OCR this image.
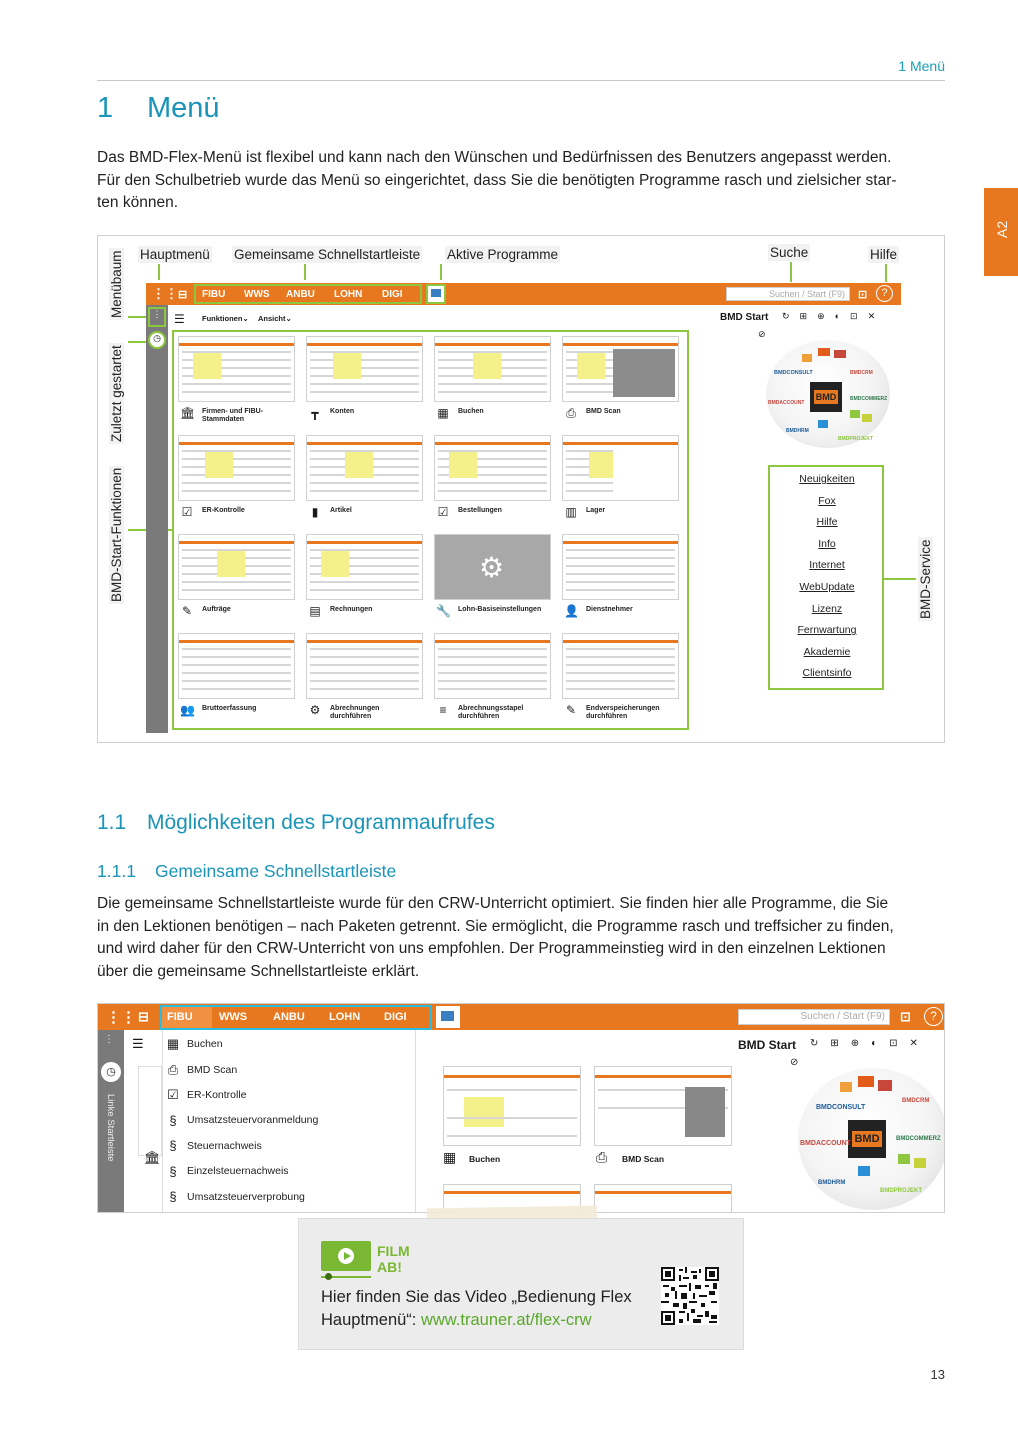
1 Menü
A2
1 Menü
Das BMD-Flex-Menü ist flexibel und kann nach den Wünschen und Bedürfnissen des Benutzers angepasst werden.
Für den Schulbetrieb wurde das Menü so eingerichtet, dass Sie die benötigten Programme rasch und zielsicher star-
ten können.
Hauptmenü Gemeinsame Schnellstartleiste Aktive Programme	Suche	Hilfe
Menübaum
Zuletzt gestartet
BMD-Start-Funktionen	BMD-Service
⋮⋮ ⊟ FIBU WWS ANBU LOHN DIGI	Suchen / Start (F9)	⊡	?
⋮
◷
☰ Funktionen⌄ Ansicht⌄
🏛 Firmen- und FIBU-Stammdaten	┳	Konten	▦ Buchen	⎙	BMD Scan
☑ ER-Kontrolle	▮	Artikel	☑ Bestellungen	▥ Lager
✎ Aufträge	▤ Rechnungen
⚙
🔧 Lohn-Basiseinstellungen	👤 Dienstnehmer
👥 Bruttoerfassung	⚙ Abrechnungen durchführen	≡	Abrechnungsstapel durchführen	✎ Endverspeicherungen durchführen
BMD Start ↻⊞⊕◐⊡✕
⊘
BMDCONSULT	BMDCRM
BMD
BMDACCOUNT
BMDCOMMERZ
BMDHRM
BMDPROJEKT
Neuigkeiten
Fox
Hilfe
Info
Internet
WebUpdate
Lizenz
Fernwartung
Akademie
Clientsinfo
1.1 Möglichkeiten des Programmaufrufes
1.1.1 Gemeinsame Schnellstartleiste
Die gemeinsame Schnellstartleiste wurde für den CRW-Unterricht optimiert. Sie finden hier alle Programme, die Sie
in den Lektionen benötigen – nach Paketen getrennt. Sie ermöglicht, die Programme rasch und treffsicher zu finden,
und wird daher für den CRW-Unterricht von uns empfohlen. Der Programmeinstieg wird in den einzelnen Lektionen
über die gemeinsame Schnellstartleiste erklärt.
⋮⋮ ⊟ FIBU WWS ANBU LOHN DIGI	Suchen / Start (F9)	⊡	?
⋮
◷
Linke Startleiste
☰
🏛
▦ Buchen
⎙ BMD Scan
☑ ER-Kontrolle
§ Umsatzsteuervoranmeldung
§ Steuernachweis
§ Einzelsteuernachweis
§ Umsatzsteuerverprobung
▦ Buchen	⎙ BMD Scan
BMD Start ↻⊞⊕◐⊡✕
⊘
BMDCONSULT
BMDCRM
BMD
BMDACCOUNT
BMDCOMMERZ
BMDHRM
BMDPROJEKT
FILM
AB!
Hier finden Sie das Video „Bedienung Flex
Hauptmenü“: www.trauner.at/flex-crw
13
